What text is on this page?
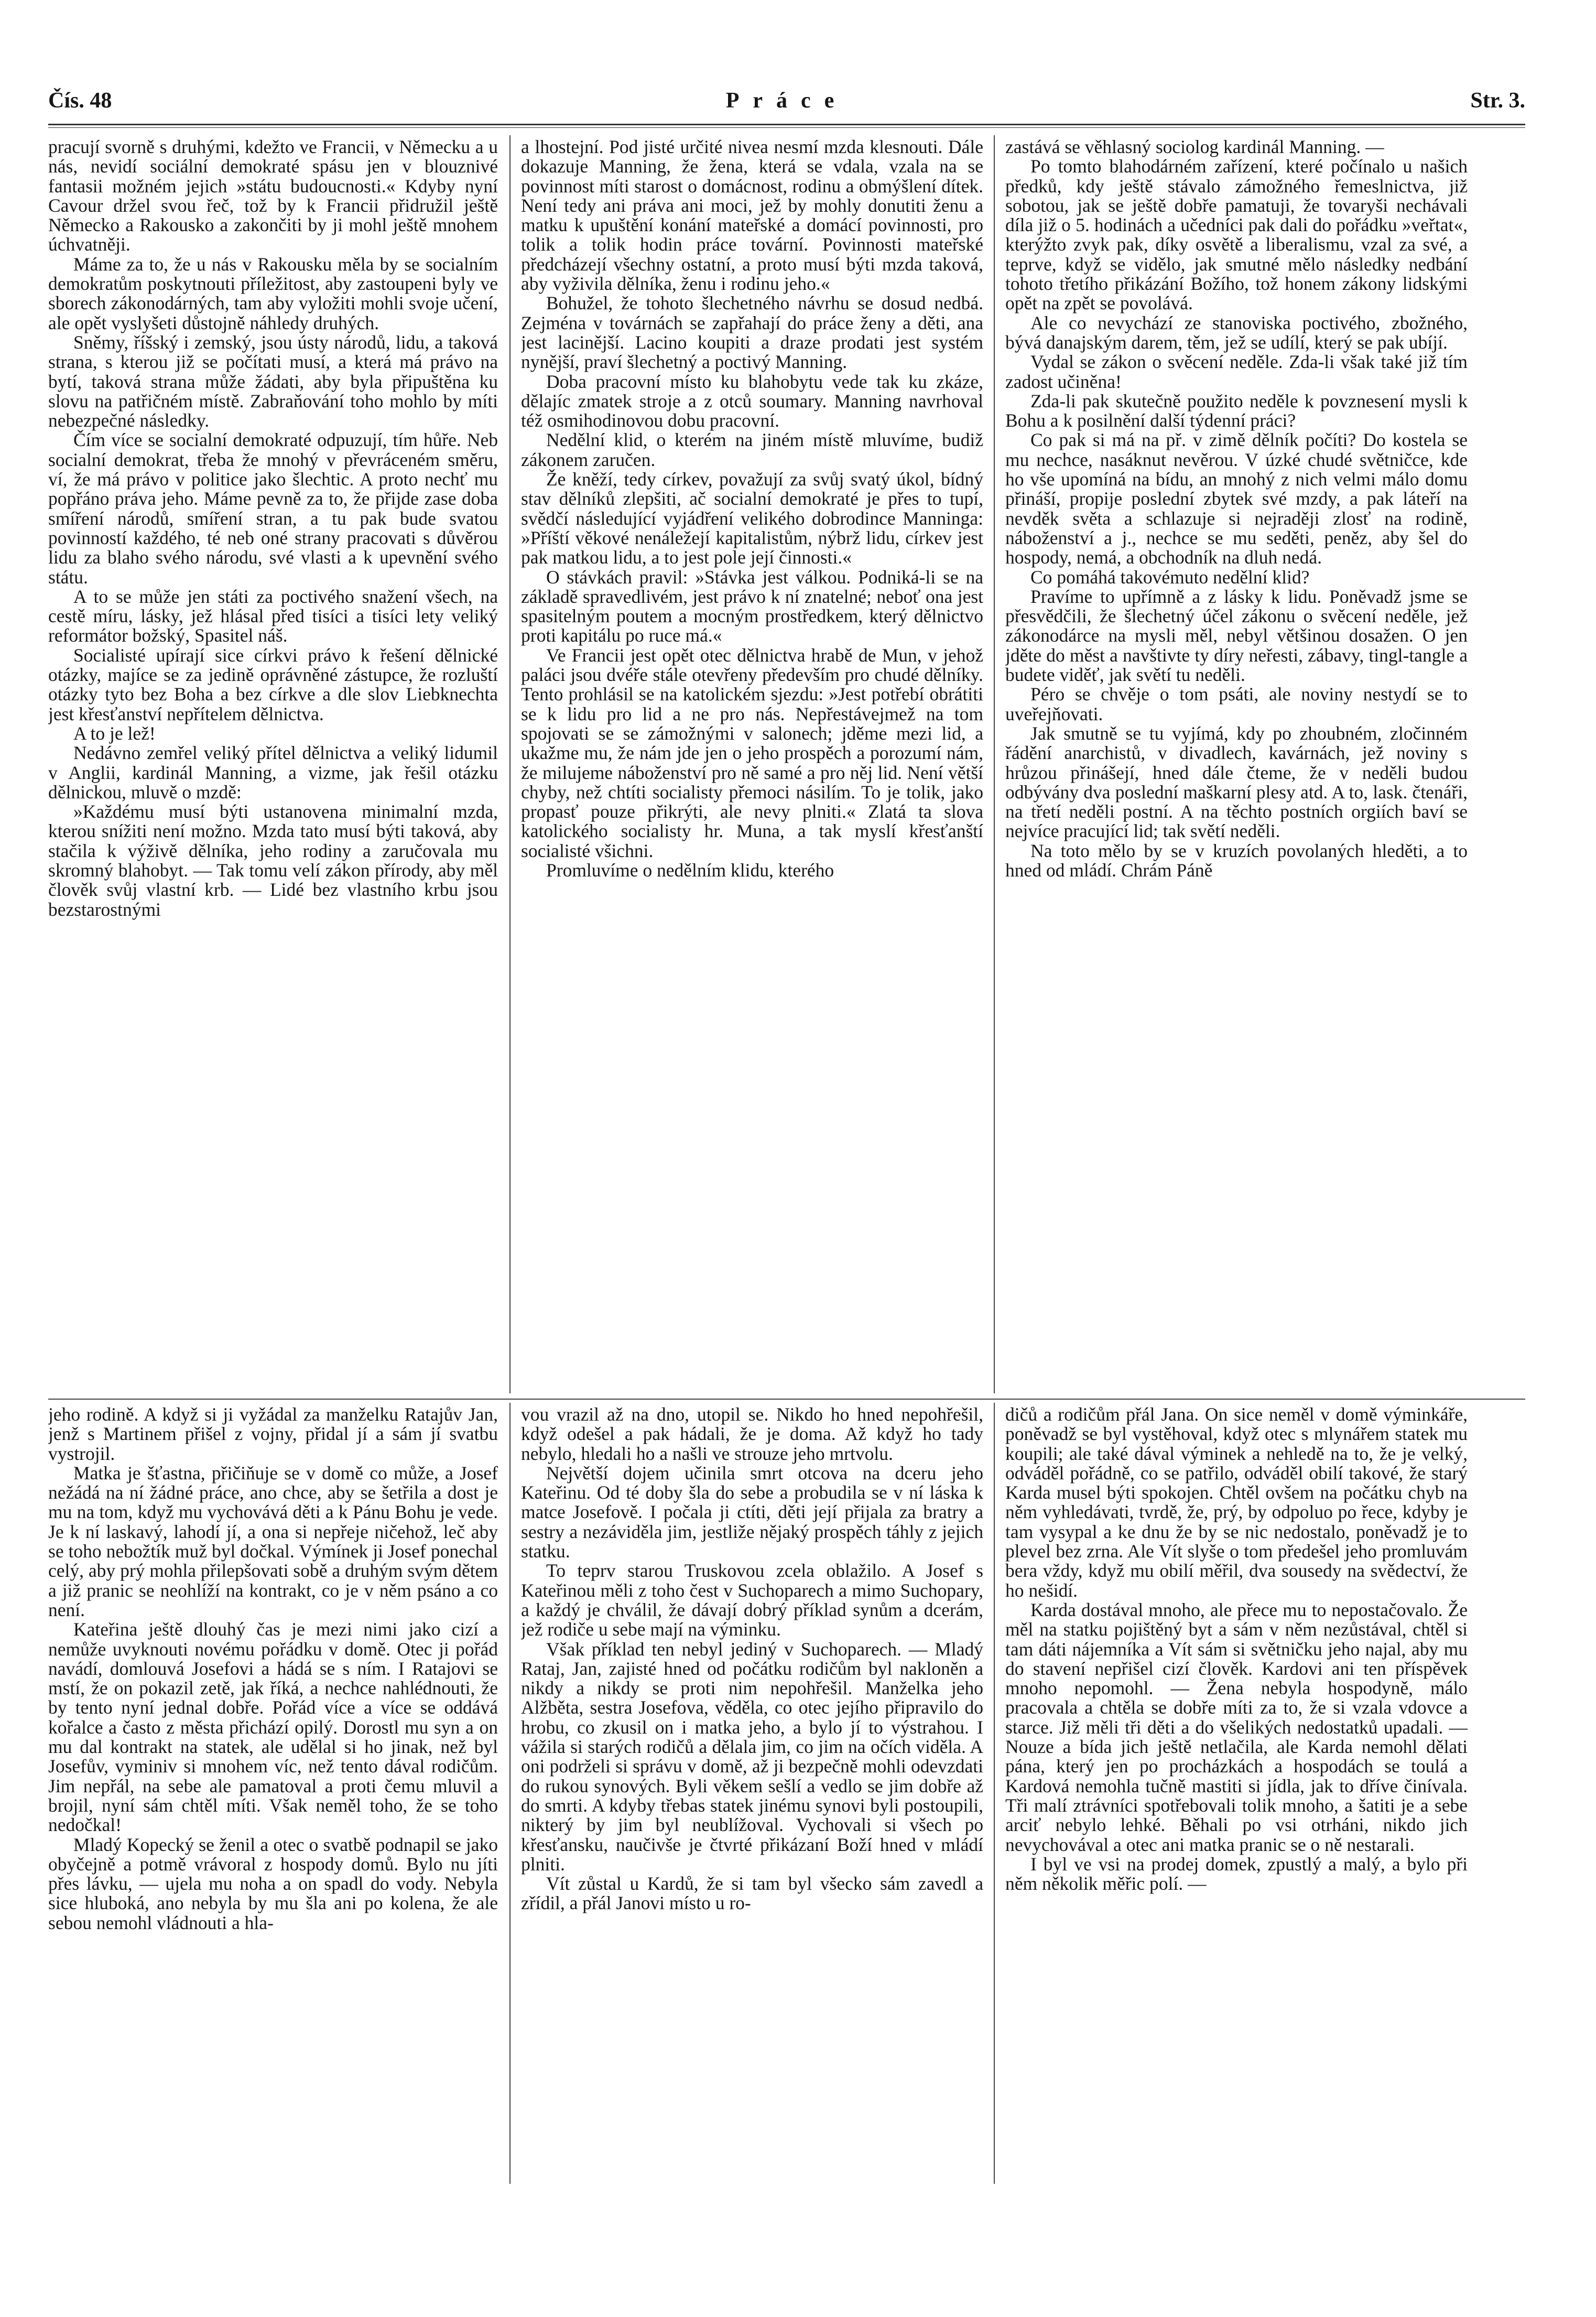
Čís. 48	Práce	Str. 3.

pracují svorně s druhými, kdežto ve Francii, v Německu a u nás, nevidí sociální demokraté spásu jen v blouznivé fantasii možném jejich »státu budoucnosti.« Kdyby nyní Cavour držel svou řeč, tož by k Francii přidružil ještě Německo a Rakousko a zakončiti by ji mohl ještě mnohem úchvatněji.

Máme za to, že u nás v Rakousku měla by se socialním demokratům poskytnouti příležitost, aby zastoupeni byly ve sborech zákonodárných, tam aby vyložiti mohli svoje učení, ale opět vyslyšeti důstojně náhledy druhých.

Sněmy, říšský i zemský, jsou ústy národů, lidu, a taková strana, s kterou již se počítati musí, a která má právo na bytí, taková strana může žádati, aby byla připuštěna ku slovu na patřičném místě. Zabraňování toho mohlo by míti nebezpečné následky.

Čím více se socialní demokraté odpuzují, tím hůře. Neb socialní demokrat, třeba že mnohý v převráceném směru, ví, že má právo v politice jako šlechtic. A proto nechť mu popřáno práva jeho. Máme pevně za to, že přijde zase doba smíření národů, smíření stran, a tu pak bude svatou povinností každého, té neb oné strany pracovati s důvěrou lidu za blaho svého národu, své vlasti a k upevnění svého státu.

A to se může jen státi za poctivého snažení všech, na cestě míru, lásky, jež hlásal před tisíci a tisíci lety veliký reformátor božský, Spasitel náš.

Socialisté upírají sice církvi právo k řešení dělnické otázky, majíce se za jedině oprávněné zástupce, že rozluští otázky tyto bez Boha a bez církve a dle slov Liebknechta jest křesťanství nepřítelem dělnictva.

A to je lež!

Nedávno zemřel veliký přítel dělnictva a veliký lidumil v Anglii, kardinál Manning, a vizme, jak řešil otázku dělnickou, mluvě o mzdě:

»Každému musí býti ustanovena minimalní mzda, kterou snížiti není možno. Mzda tato musí býti taková, aby stačila k výživě dělníka, jeho rodiny a zaručovala mu skromný blahobyt. — Tak tomu velí zákon přírody, aby měl člověk svůj vlastní krb. — Lidé bez vlastního krbu jsou bezstarostnými

a lhostejní. Pod jisté určité nivea nesmí mzda klesnouti. Dále dokazuje Manning, že žena, která se vdala, vzala na se povinnost míti starost o domácnost, rodinu a obmýšlení dítek. Není tedy ani práva ani moci, jež by mohly donutiti ženu a matku k upuštění konání mateřské a domácí povinnosti, pro tolik a tolik hodin práce tovární. Povinnosti mateřské předcházejí všechny ostatní, a proto musí býti mzda taková, aby vyživila dělníka, ženu i rodinu jeho.«

Bohužel, že tohoto šlechetného návrhu se dosud nedbá. Zejména v továrnách se zapřahají do práce ženy a děti, ana jest lacinější. Lacino koupiti a draze prodati jest systém nynější, praví šlechetný a poctivý Manning.

Doba pracovní místo ku blahobytu vede tak ku zkáze, dělajíc zmatek stroje a z otců soumary. Manning navrhoval též osmihodinovou dobu pracovní.

Nedělní klid, o kterém na jiném místě mluvíme, budiž zákonem zaručen.

Že kněží, tedy církev, považují za svůj svatý úkol, bídný stav dělníků zlepšiti, ač socialní demokraté je přes to tupí, svědčí následující vyjádření velikého dobrodince Manninga: »Příští věkové nenáležejí kapitalistům, nýbrž lidu, církev jest pak matkou lidu, a to jest pole její činnosti.«

O stávkách pravil: »Stávka jest válkou. Podniká-li se na základě spravedlivém, jest právo k ní znatelné; neboť ona jest spasitelným poutem a mocným prostředkem, který dělnictvo proti kapitálu po ruce má.«

Ve Francii jest opět otec dělnictva hrabě de Mun, v jehož paláci jsou dvéře stále otevřeny především pro chudé dělníky. Tento prohlásil se na katolickém sjezdu: »Jest potřebí obrátiti se k lidu pro lid a ne pro nás. Nepřestávejmež na tom spojovati se se zámožnými v salonech; jděme mezi lid, a ukažme mu, že nám jde jen o jeho prospěch a porozumí nám, že milujeme náboženství pro ně samé a pro něj lid. Není větší chyby, než chtíti socialisty přemoci násilím. To je tolik, jako propasť pouze přikrýti, ale nevy plniti.« Zlatá ta slova katolického socialisty hr. Muna, a tak myslí křesťanští socialisté všichni.

Promluvíme o nedělním klidu, kterého

zastává se věhlasný sociolog kardinál Manning. —

Po tomto blahodárném zařízení, které počínalo u našich předků, kdy ještě stávalo zámožného řemeslnictva, již sobotou, jak se ještě dobře pamatuji, že tovaryši nechávali díla již o 5. hodinách a učedníci pak dali do pořádku »veřtat«, kterýžto zvyk pak, díky osvětě a liberalismu, vzal za své, a teprve, když se vidělo, jak smutné mělo následky nedbání tohoto třetího přikázání Božího, tož honem zákony lidskými opět na zpět se povolává.

Ale co nevychází ze stanoviska poctivého, zbožného, bývá danajským darem, těm, jež se udílí, který se pak ubíjí.

Vydal se zákon o svěcení neděle. Zda-li však také již tím zadost učiněna!

Zda-li pak skutečně použito neděle k povznesení mysli k Bohu a k posilnění další týdenní práci?

Co pak si má na př. v zimě dělník počíti? Do kostela se mu nechce, nasáknut nevěrou. V úzké chudé světničce, kde ho vše upomíná na bídu, an mnohý z nich velmi málo domu přináší, propije poslední zbytek své mzdy, a pak láteří na nevděk světa a schlazuje si nejraději zlosť na rodině, náboženství a j., nechce se mu seděti, peněz, aby šel do hospody, nemá, a obchodník na dluh nedá.

Co pomáhá takovémuto nedělní klid?

Pravíme to upřímně a z lásky k lidu. Poněvadž jsme se přesvědčili, že šlechetný účel zákonu o svěcení neděle, jež zákonodárce na mysli měl, nebyl většinou dosažen. O jen jděte do měst a navštivte ty díry neřesti, zábavy, tingl-tangle a budete viděť, jak světí tu neděli.

Péro se chvěje o tom psáti, ale noviny nestydí se to uveřejňovati.

Jak smutně se tu vyjímá, kdy po zhoubném, zločinném řádění anarchistů, v divadlech, kavárnách, jež noviny s hrůzou přinášejí, hned dále čteme, že v neděli budou odbývány dva poslední maškarní plesy atd. A to, lask. čtenáři, na třetí neděli postní. A na těchto postních orgiích baví se nejvíce pracující lid; tak světí neděli.

Na toto mělo by se v kruzích povolaných hleděti, a to hned od mládí. Chrám Páně

jeho rodině. A když si ji vyžádal za manželku Ratajův Jan, jenž s Martinem přišel z vojny, přidal jí a sám jí svatbu vystrojil.

Matka je šťastna, přičiňuje se v domě co může, a Josef nežádá na ní žádné práce, ano chce, aby se šetřila a dost je mu na tom, když mu vychovává děti a k Pánu Bohu je vede. Je k ní laskavý, lahodí jí, a ona si nepřeje ničehož, leč aby se toho nebožtík muž byl dočkal. Výmínek ji Josef ponechal celý, aby prý mohla přilepšovati sobě a druhým svým dětem a již pranic se neohlíží na kontrakt, co je v něm psáno a co není.

Kateřina ještě dlouhý čas je mezi nimi jako cizí a nemůže uvyknouti novému pořádku v domě. Otec ji pořád navádí, domlouvá Josefovi a hádá se s ním. I Ratajovi se mstí, že on pokazil zetě, jak říká, a nechce nahlédnouti, že by tento nyní jednal dobře. Pořád více a více se oddává kořalce a často z města přichází opilý. Dorostl mu syn a on mu dal kontrakt na statek, ale udělal si ho jinak, než byl Josefův, vyminiv si mnohem víc, než tento dával rodičům. Jim nepřál, na sebe ale pamatoval a proti čemu mluvil a brojil, nyní sám chtěl míti. Však neměl toho, že se toho nedočkal!

Mladý Kopecký se ženil a otec o svatbě podnapil se jako obyčejně a potmě vrávoral z hospody domů. Bylo nu jíti přes lávku, — ujela mu noha a on spadl do vody. Nebyla sice hluboká, ano nebyla by mu šla ani po kolena, že ale sebou nemohl vládnouti a hla-

vou vrazil až na dno, utopil se. Nikdo ho hned nepohřešil, když odešel a pak hádali, že je doma. Až když ho tady nebylo, hledali ho a našli ve strouze jeho mrtvolu.

Největší dojem učinila smrt otcova na dceru jeho Kateřinu. Od té doby šla do sebe a probudila se v ní láska k matce Josefově. I počala ji ctíti, děti její přijala za bratry a sestry a nezáviděla jim, jestliže nějaký prospěch táhly z jejich statku.

To teprv starou Truskovou zcela oblažilo. A Josef s Kateřinou měli z toho čest v Suchoparech a mimo Suchopary, a každý je chválil, že dávají dobrý příklad synům a dcerám, jež rodiče u sebe mají na výminku.

Však příklad ten nebyl jediný v Suchoparech. — Mladý Rataj, Jan, zajisté hned od počátku rodičům byl nakloněn a nikdy a nikdy se proti nim nepohřešil. Manželka jeho Alžběta, sestra Josefova, věděla, co otec jejího připravilo do hrobu, co zkusil on i matka jeho, a bylo jí to výstrahou. I vážila si starých rodičů a dělala jim, co jim na očích viděla. A oni podrželi si správu v domě, až ji bezpečně mohli odevzdati do rukou synových. Byli věkem sešlí a vedlo se jim dobře až do smrti. A kdyby třebas statek jinému synovi byli postoupili, nikterý by jim byl neublížoval. Vychovali si všech po křesťansku, naučivše je čtvrté přikázaní Boží hned v mládí plniti.

Vít zůstal u Kardů, že si tam byl všecko sám zavedl a zřídil, a přál Janovi místo u ro-

dičů a rodičům přál Jana. On sice neměl v domě výminkáře, poněvadž se byl vystěhoval, když otec s mlynářem statek mu koupili; ale také dával výminek a nehledě na to, že je velký, odváděl pořádně, co se patřilo, odváděl obilí takové, že starý Karda musel býti spokojen. Chtěl ovšem na počátku chyb na něm vyhledávati, tvrdě, že, prý, by odpoluo po řece, kdyby je tam vysypal a ke dnu že by se nic nedostalo, poněvadž je to plevel bez zrna. Ale Vít slyše o tom předešel jeho promluvám bera vždy, když mu obilí měřil, dva sousedy na svědectví, že ho nešidí.

Karda dostával mnoho, ale přece mu to nepostačovalo. Že měl na statku pojištěný byt a sám v něm nezůstával, chtěl si tam dáti nájemníka a Vít sám si světničku jeho najal, aby mu do stavení nepřišel cizí člověk. Kardovi ani ten příspěvek mnoho nepomohl. — Žena nebyla hospodyně, málo pracovala a chtěla se dobře míti za to, že si vzala vdovce a starce. Již měli tři děti a do všelikých nedostatků upadali. — Nouze a bída jich ještě netlačila, ale Karda nemohl dělati pána, který jen po procházkách a hospodách se toulá a Kardová nemohla tučně mastiti si jídla, jak to dříve činívala. Tři malí ztrávníci spotřebovali tolik mnoho, a šatiti je a sebe arciť nebylo lehké. Běhali po vsi otrháni, nikdo jich nevychovával a otec ani matka pranic se o ně nestarali.

I byl ve vsi na prodej domek, zpustlý a malý, a bylo při něm několik měřic polí. —
